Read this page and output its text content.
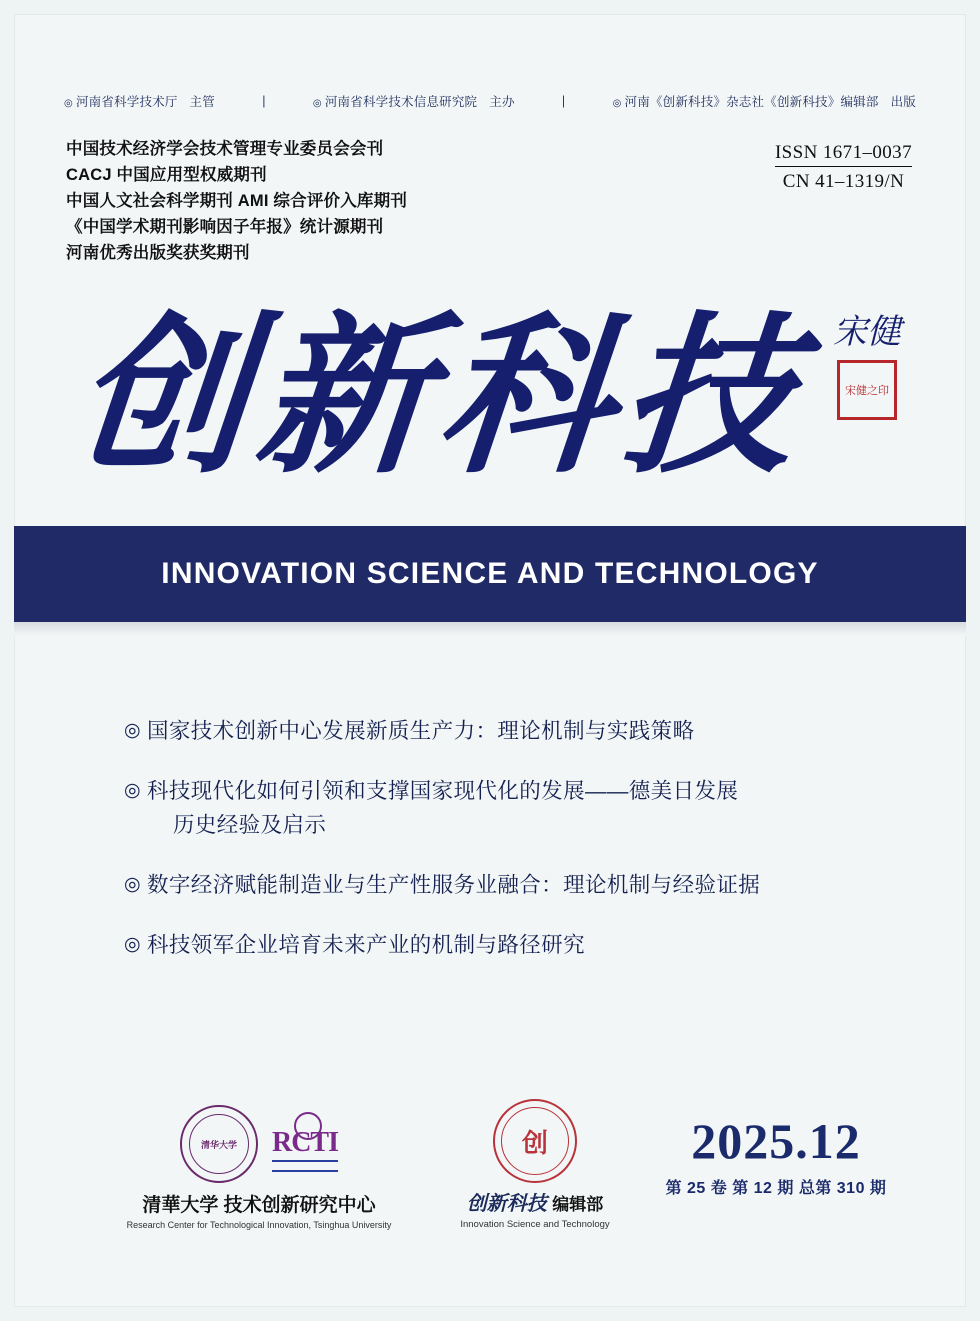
◎ 河南省科学技术厅 主管	|	◎ 河南省科学技术信息研究院 主办	|	◎ 河南《创新科技》杂志社《创新科技》编辑部 出版
中国技术经济学会技术管理专业委员会会刊
CACJ 中国应用型权威期刊
中国人文社会科学期刊 AMI 综合评价入库期刊
《中国学术期刊影响因子年报》统计源期刊
河南优秀出版奖获奖期刊
ISSN 1671–0037
CN 41–1319/N
创新科技 宋健
宋健之印
INNOVATION SCIENCE AND TECHNOLOGY
◎ 国家技术创新中心发展新质生产力：理论机制与实践策略
◎ 科技现代化如何引领和支撑国家现代化的发展——德美日发展
历史经验及启示
◎ 数字经济赋能制造业与生产性服务业融合：理论机制与经验证据
◎ 科技领军企业培育未来产业的机制与路径研究
清华大学 RCTI
清華大学 技术创新研究中心
Research Center for Technological Innovation, Tsinghua University
创
创新科技 编辑部
Innovation Science and Technology
2025.12
第 25 卷 第 12 期 总第 310 期
